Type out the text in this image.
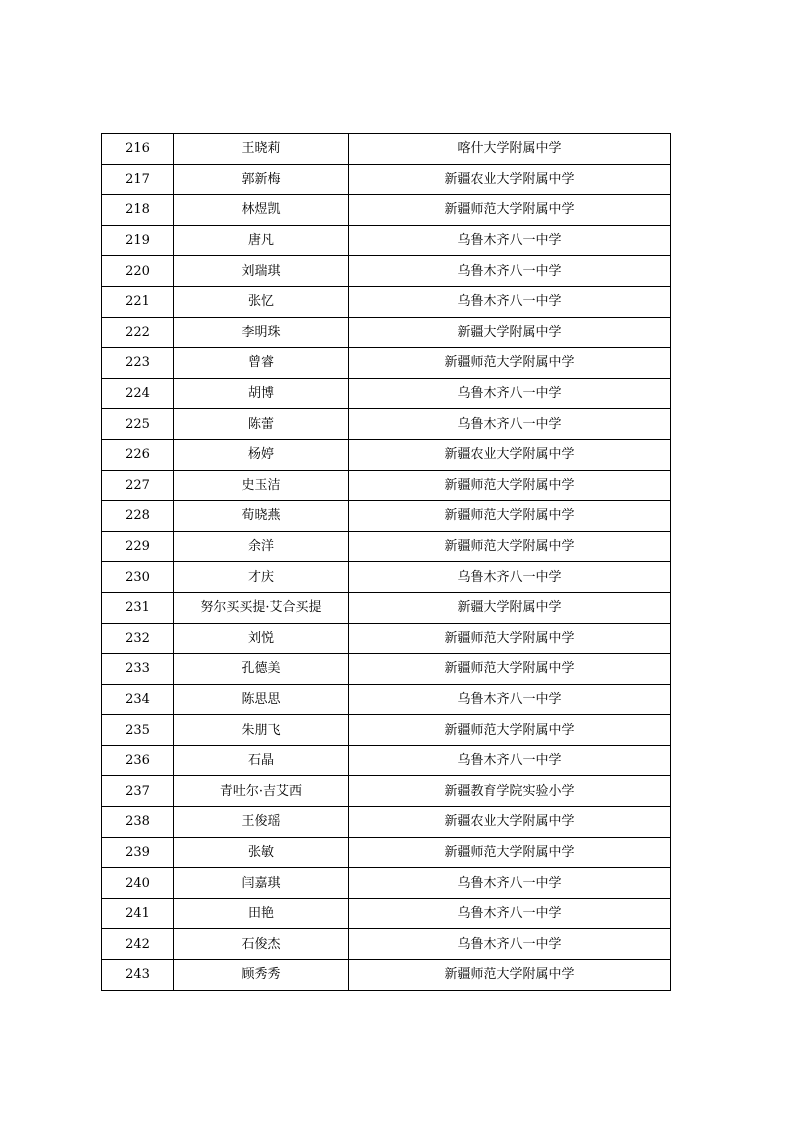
216	王晓莉	喀什大学附属中学
217	郭新梅	新疆农业大学附属中学
218	林煜凯	新疆师范大学附属中学
219	唐凡	乌鲁木齐八一中学
220	刘瑞琪	乌鲁木齐八一中学
221	张忆	乌鲁木齐八一中学
222	李明珠	新疆大学附属中学
223	曾睿	新疆师范大学附属中学
224	胡博	乌鲁木齐八一中学
225	陈蕾	乌鲁木齐八一中学
226	杨婷	新疆农业大学附属中学
227	史玉洁	新疆师范大学附属中学
228	荀晓燕	新疆师范大学附属中学
229	余洋	新疆师范大学附属中学
230	才庆	乌鲁木齐八一中学
231	努尔买买提·艾合买提	新疆大学附属中学
232	刘悦	新疆师范大学附属中学
233	孔德美	新疆师范大学附属中学
234	陈思思	乌鲁木齐八一中学
235	朱朋飞	新疆师范大学附属中学
236	石晶	乌鲁木齐八一中学
237	青吐尔·吉艾西	新疆教育学院实验小学
238	王俊瑶	新疆农业大学附属中学
239	张敏	新疆师范大学附属中学
240	闫嘉琪	乌鲁木齐八一中学
241	田艳	乌鲁木齐八一中学
242	石俊杰	乌鲁木齐八一中学
243	顾秀秀	新疆师范大学附属中学
